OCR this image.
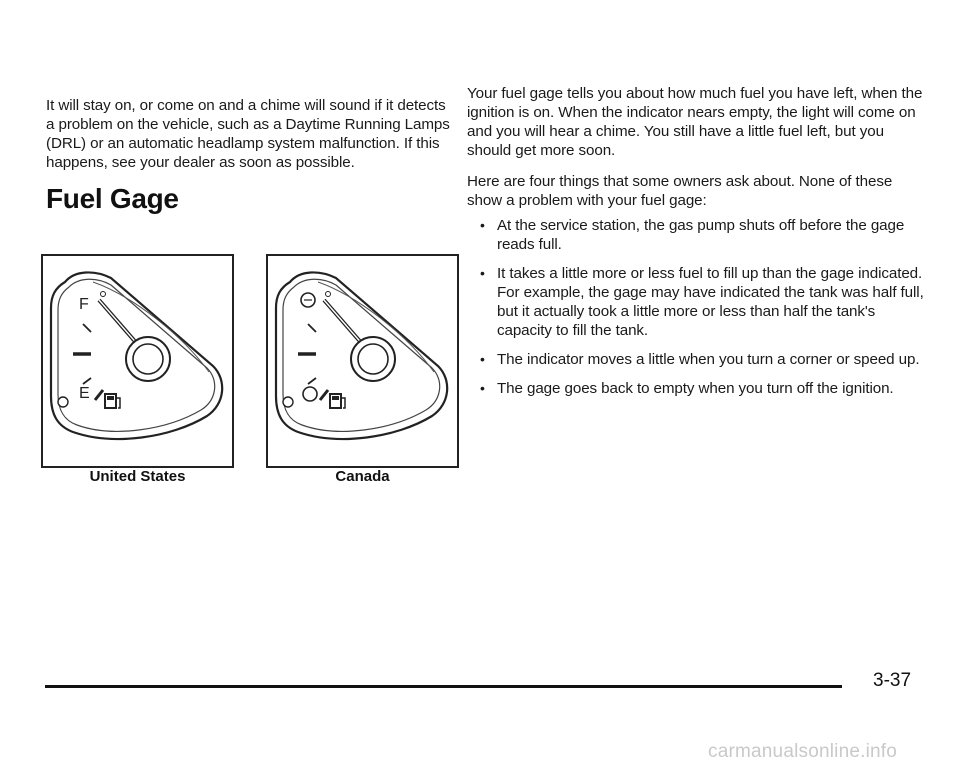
It will stay on, or come on and a chime will sound if it detects a problem on the vehicle, such as a Daytime Running Lamps (DRL) or an automatic headlamp system malfunction. If this happens, see your dealer as soon as possible.

Fuel Gage
F
E
United States	Canada

Your fuel gage tells you about how much fuel you have left, when the ignition is on. When the indicator nears empty, the light will come on and you will hear a chime. You still have a little fuel left, but you should get more soon.

Here are four things that some owners ask about. None of these show a problem with your fuel gage:

• At the service station, the gas pump shuts off before the gage reads full.
• It takes a little more or less fuel to fill up than the gage indicated. For example, the gage may have indicated the tank was half full, but it actually took a little more or less than half the tank's capacity to fill the tank.
• The indicator moves a little when you turn a corner or speed up.
• The gage goes back to empty when you turn off the ignition.
3-37
carmanualsonline.info
